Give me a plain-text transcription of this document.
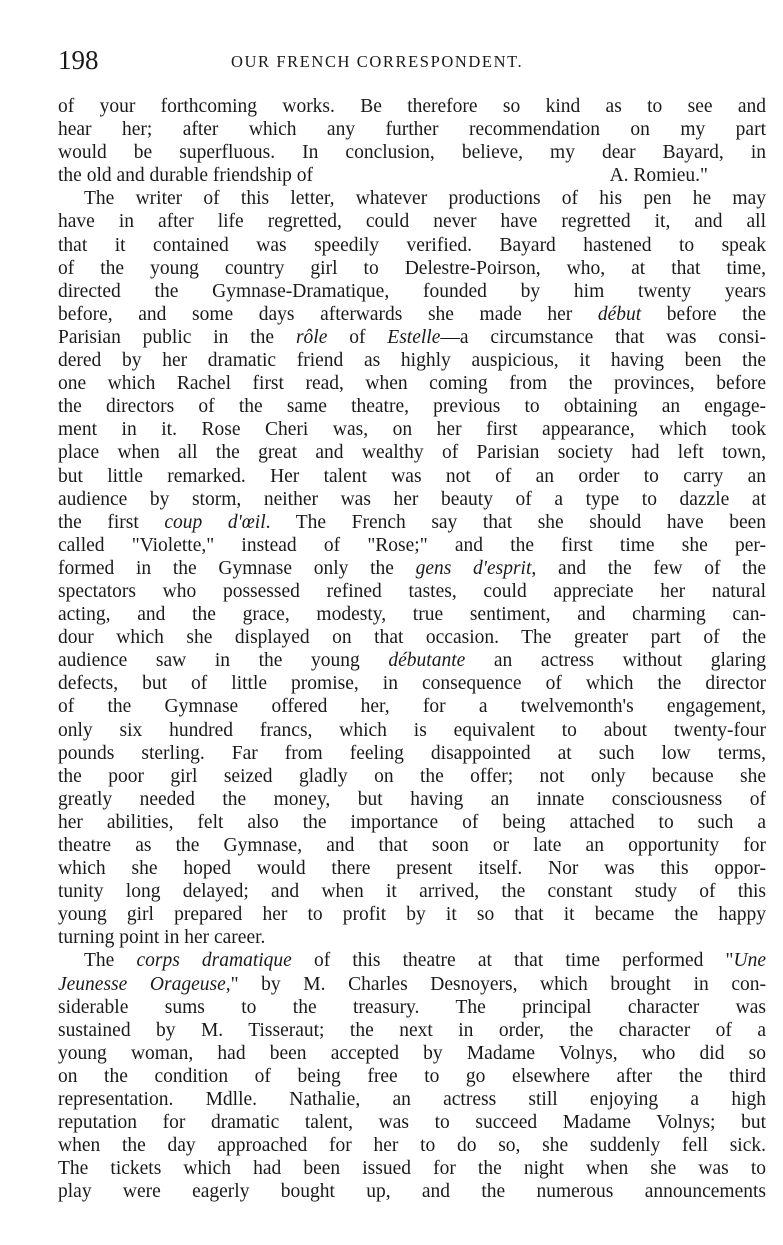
198	OUR FRENCH CORRESPONDENT.
of your forthcoming works. Be therefore so kind as to see and
hear her; after which any further recommendation on my part
would be superfluous. In conclusion, believe, my dear Bayard, in
the old and durable friendship of	A. Romieu."
The writer of this letter, whatever productions of his pen he may
have in after life regretted, could never have regretted it, and all
that it contained was speedily verified. Bayard hastened to speak
of the young country girl to Delestre-Poirson, who, at that time,
directed the Gymnase-Dramatique, founded by him twenty years
before, and some days afterwards she made her début before the
Parisian public in the rôle of Estelle—a circumstance that was consi-
dered by her dramatic friend as highly auspicious, it having been the
one which Rachel first read, when coming from the provinces, before
the directors of the same theatre, previous to obtaining an engage-
ment in it. Rose Cheri was, on her first appearance, which took
place when all the great and wealthy of Parisian society had left town,
but little remarked. Her talent was not of an order to carry an
audience by storm, neither was her beauty of a type to dazzle at
the first coup d'œil. The French say that she should have been
called "Violette," instead of "Rose;" and the first time she per-
formed in the Gymnase only the gens d'esprit, and the few of the
spectators who possessed refined tastes, could appreciate her natural
acting, and the grace, modesty, true sentiment, and charming can-
dour which she displayed on that occasion. The greater part of the
audience saw in the young débutante an actress without glaring
defects, but of little promise, in consequence of which the director
of the Gymnase offered her, for a twelvemonth's engagement,
only six hundred francs, which is equivalent to about twenty-four
pounds sterling. Far from feeling disappointed at such low terms,
the poor girl seized gladly on the offer; not only because she
greatly needed the money, but having an innate consciousness of
her abilities, felt also the importance of being attached to such a
theatre as the Gymnase, and that soon or late an opportunity for
which she hoped would there present itself. Nor was this oppor-
tunity long delayed; and when it arrived, the constant study of this
young girl prepared her to profit by it so that it became the happy
turning point in her career.
The corps dramatique of this theatre at that time performed "Une
Jeunesse Orageuse," by M. Charles Desnoyers, which brought in con-
siderable sums to the treasury. The principal character was
sustained by M. Tisseraut; the next in order, the character of a
young woman, had been accepted by Madame Volnys, who did so
on the condition of being free to go elsewhere after the third
representation. Mdlle. Nathalie, an actress still enjoying a high
reputation for dramatic talent, was to succeed Madame Volnys; but
when the day approached for her to do so, she suddenly fell sick.
The tickets which had been issued for the night when she was to
play were eagerly bought up, and the numerous announcements
